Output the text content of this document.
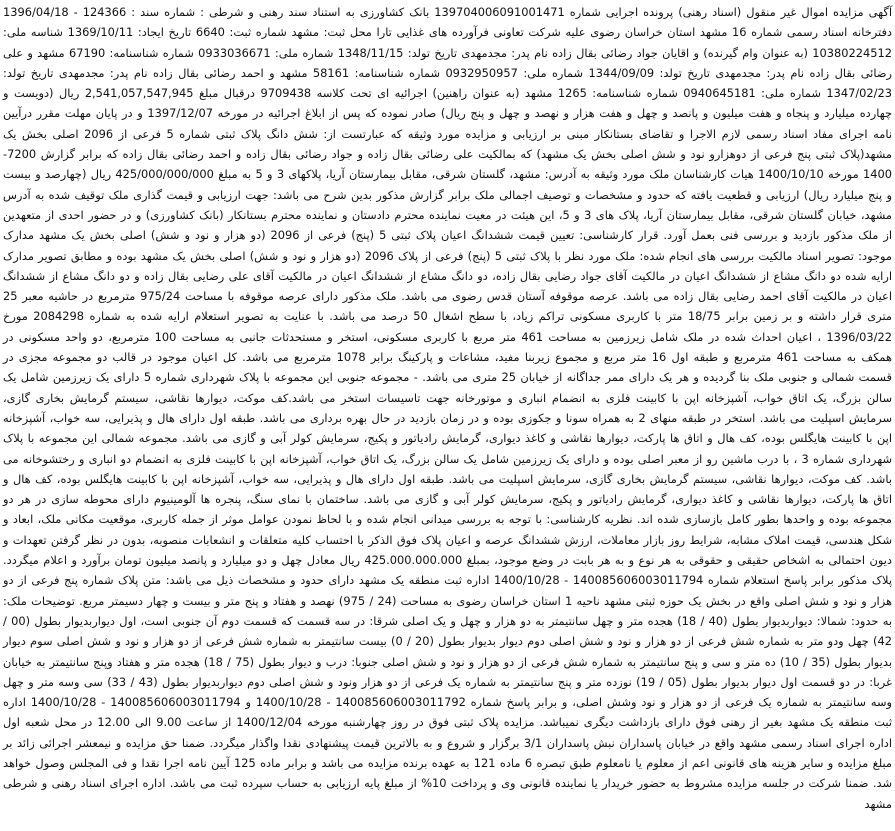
آگهی مزایده اموال غیر منقول (اسناد رهنی) پرونده اجرایی شماره 139704006091001471 بانک کشاورزی به استناد سند رهنی و شرطی : شماره سند : 124366 - 1396/04/18 دفترخانه اسناد رسمی شماره 16 مشهد استان خراسان رضوی علیه شرکت تعاونی فرآورده های غذایی تارا محل ثبت: مشهد شماره ثبت: 6640 تاریخ ایجاد: 1369/10/11 شناسه ملی: 10380224512 (به عنوان وام گیرنده) و اقایان جواد رضائی بقال زاده نام پدر: مجدمهدی تاریخ تولد: 1348/11/15 شماره ملی: 0933036671 شماره شناسنامه: 67190 مشهد و علی رضائی بقال زاده نام پدر: مجدمهدی تاریخ تولد: 1344/09/09 شماره ملی: 0932950957 شماره شناسنامه: 58161 مشهد و احمد رضائی بقال زاده نام پدر: مجدمهدی تاریخ تولد: 1347/02/23 شماره ملی: 0940645181 شماره شناسنامه: 1265 مشهد (به عنوان راهنین) اجرائیه ای تحت کلاسه 9709438 درقبال مبلغ 2,541,057,547,945 ریال (دویست و چهارده میلیارد و پنجاه و هفت میلیون و پانصد و چهل و هفت هزار و نهصد و چهل و پنج ریال) صادر نموده که پس از ابلاغ اجرائیه در مورخه 1397/12/07 و در پایان مهلت مقرر درآیین نامه اجرای مفاد اسناد رسمی لازم الاجرا و تقاضای بستانکار مبنی بر ارزیابی و مزایده مورد وثیقه که عبارتست از: شش دانگ پلاک ثبتی شماره 5 فرعی از 2096 اصلی بخش یک مشهد(پلاک ثبتی پنج فرعی از دوهزارو نود و شش اصلی بخش یک مشهد) که بمالکیت علی رضائی بقال زاده و جواد رضائی بقال زاده و احمد رضائی بقال زاده که برابر گزارش 7200-1400 مورخه 1400/10/10 هیات کارشناسان ملک مورد وثیقه به آدرس: مشهد، گلستان شرقی، مقابل بیمارستان آریا، پلاکهای 3 و 5 به مبلغ 425/000/000/000 ریال (چهارصد و بیست و پنج میلیارد ریال) ارزیابی و قطعیت یافته که حدود و مشخصات و توصیف اجمالی ملک برابر گزارش مذکور بدین شرح می باشد: جهت ارزیابی و قیمت گذاری ملک توقیف شده به آدرس مشهد، خیابان گلستان شرقی، مقابل بیمارستان آریا، پلاک های 3 و 5، این هیئت در معیت نماینده محترم دادستان و نماینده محترم بستانکار (بانک کشاورزی) و در حضور احدی از متعهدین از ملک مذکور بازدید و بررسی فنی بعمل آورد. قرار کارشناسی: تعیین قیمت ششدانگ اعیان پلاک ثبتی 5 (پنج) فرعی از 2096 (دو هزار و نود و شش) اصلی بخش یک مشهد مدارک موجود: تصویر اسناد مالکیت بررسی های انجام شده: ملک مورد نظر با پلاک ثبتی 5 (پنج) فرعی از پلاک 2096 (دو هزار و نود و شش) اصلی بخش یک مشهد بوده و مطابق تصویر مدارک ارایه شده دو دانگ مشاع از ششدانگ اعیان در مالکیت آقای جواد رضایی بقال زاده، دو دانگ مشاع از ششدانگ اعیان در مالکیت آقای علی رضایی بقال زاده و دو دانگ مشاع از ششدانگ اعیان در مالکیت آقای احمد رضایی بقال زاده می باشد. عرصه موقوفه آستان قدس رضوی می باشد. ملک مذکور دارای عرصه موقوفه با مساحت 975/24 مترمربع در حاشیه معبر 25 متری قرار داشته و بر زمین برابر 18/75 متر با کاربری مسکونی تراکم زیاد، با سطح اشغال 50 درصد می باشد. با عنایت به تصویر استعلام ارایه شده به شماره 2084298 مورخ 1396/03/22 ، اعیان احداث شده در ملک شامل زیرزمین به مساحت 461 متر مربع با کاربری مسکونی، استخر و مستحدثات جانبی به مساحت 100 مترمربع، دو واحد مسکونی در همکف به مساحت 461 مترمربع و طبقه اول 16 متر مربع و مجموع زیربنا مفید، مشاعات و پارکینگ برابر 1078 مترمربع می باشد. کل اعیان موجود در قالب دو مجموعه مجزی در قسمت شمالی و جنوبی ملک بنا گردیده و هر یک دارای ممر جداگانه از خیابان 25 متری می باشد. - مجموعه جنوبی این مجموعه با پلاک شهرداری شماره 5 دارای یک زیرزمین شامل یک سالن بزرگ، یک اتاق خواب، آشپزخانه اپن با کابینت فلزی به انضمام انباری و موتورخانه جهت تاسیسات استخر می باشد.کف موکت، دیوارها نقاشی، سیستم گرمایش بخاری گازی، سرمایش اسپلیت می باشد. استخر در طبقه منهای 2 به همراه سونا و جکوزی بوده و در زمان بازدید در حال بهره برداری می باشد. طبقه اول دارای هال و پذیرایی، سه خواب، آشپزخانه اپن با کابینت هایگلس بوده، کف هال و اتاق ها پارکت، دیوارها نقاشی و کاغذ دیواری، گرمایش رادیاتور و پکیج، سرمایش کولر آبی و گازی می باشد. مجموعه شمالی این مجموعه با پلاک شهرداری شماره 3 ، با درب ماشین رو از معبر اصلی بوده و دارای یک زیرزمین شامل یک سالن بزرگ، یک اتاق خواب، آشپزخانه اپن با کابینت فلزی به انضمام دو انباری و رختشوخانه می باشد. کف موکت، دیوارها نقاشی، سیستم گرمایش بخاری گازی، سرمایش اسپلیت می باشد. طبقه اول دارای هال و پذیرایی، سه خواب، آشپزخانه اپن با کابینت هایگلس بوده، کف هال و اتاق ها پارکت، دیوارها نقاشی و کاغذ دیواری، گرمایش رادیاتور و پکیج، سرمایش کولر آبی و گازی می باشد. ساختمان با نمای سنگ، پنجره ها آلومینیوم دارای محوطه سازی در هر دو مجموعه بوده و واحدها بطور کامل بازسازی شده اند. نظریه کارشناسی: با توجه به بررسی میدانی انجام شده و با لحاظ نمودن عوامل موثر از جمله کاربری، موقعیت مکانی ملک، ابعاد و شکل هندسی، قیمت املاک مشابه، شرایط روز بازار معاملات، ارزش ششدانگ عرصه و اعیان پلاک فوق الذکر با احتساب کلیه متعلقات و انشعابات منصوبه، بدون در نظر گرفتن تعهدات و دیون احتمالی به اشخاص حقیقی و حقوقی به هر نوع و به هر بابت در وضع موجود، بمبلغ 425.000.000.000 ریال معادل چهل و دو میلیارد و پانصد میلیون تومان برآورد و اعلام میگردد. پلاک مذکور برابر پاسخ استعلام شماره 140085606003011794 - 1400/10/28 اداره ثبت منطقه یک مشهد دارای حدود و مشخصات ذیل می باشد: متن پلاک شماره پنج فرعی از دو هزار و نود و شش اصلی واقع در بخش یک حوزه ثبتی مشهد ناحیه 1 استان خراسان رضوی به مساحت (24 / 975) نهصد و هفتاد و پنج متر و بیست و چهار دسیمتر مربع. توضیحات ملک: به حدود: شمالا: دیواربدیوار بطول (40 / 18) هجده متر و چهل سانتیمتر به دو هزار و چهل و یک اصلی شرقا: در سه قسمت که قسمت دوم آن جنوبی است، اول دیواربدیوار بطول (00 / 42) چهل ودو متر به شماره شش فرعی از دو هزار و نود و شش اصلی دوم دیوار بدیوار بطول (20 / 0) بیست سانتیمتر به شماره شش فرعی از دو هزار و نود و شش اصلی سوم دیوار بدیوار بطول (35 / 10) ده متر و سی و پنج سانتیمتر به شماره شش فرعی از دو هزار و نود و شش اصلی جنوبا: درب و دیوار بطول (75 / 18) هجده متر و هفتاد وپنج سانتیمتر به خیابان غربا: در دو قسمت اول دیوار بدیوار بطول (05 / 19) نوزده متر و پنج سانتیمتر به شماره یک فرعی از دو هزار ونود و شش اصلی دوم دیواربدیوار بطول (43 / 33) سی وسه متر و چهل وسه سانتیمتر به شماره یک فرعی از دو هزار و نود وشش اصلی، و برابر پاسخ شماره 140085606003011792 - 1400/10/28 و 140085606003011794 - 1400/10/28 اداره ثبت منطقه یک مشهد بغیر از رهنی فوق دارای بازداشت دیگری نمیباشد. مزایده پلاک ثبتی فوق در روز چهارشنبه مورخه 1400/12/04 از ساعت 9.00 الی 12.00 در محل شعبه اول اداره اجرای اسناد رسمی مشهد واقع در خیابان پاسداران نبش پاسداران 3/1 برگزار و شروع و به بالاترین قیمت پیشنهادی نقدا واگذار میگردد. ضمنا حق مزایده و نیمعشر اجرائی زائد بر مبلغ مزایده و سایر هزینه های قانونی اعم از معلوم یا نامعلوم طبق تبصره 6 ماده 121 به عهده برنده مزایده می باشد و برابر ماده 125 آیین نامه اجرا نقدا و فی المجلس وصول خواهد شد. ضمنا شرکت در جلسه مزایده مشروط به حضور خریدار یا نماینده قانونی وی و پرداخت 10% از مبلغ پایه ارزیابی به حساب سپرده ثبت می باشد. اداره اجرای اسناد رهنی و شرطی مشهد
